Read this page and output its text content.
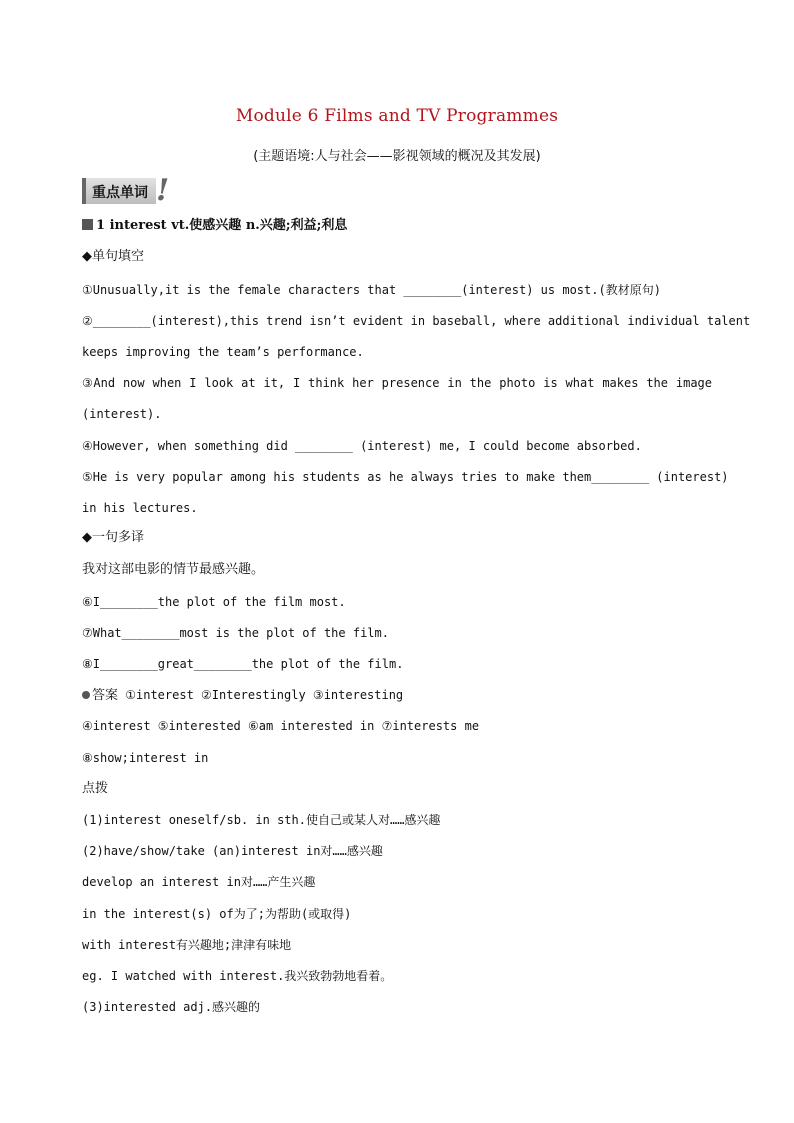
Module 6 Films and TV Programmes
(主题语境:人与社会——影视领域的概况及其发展)
重点单词 !
1 interest vt.使感兴趣 n.兴趣;利益;利息
◆单句填空
①Unusually,it is the female characters that ________(interest) us most.(教材原句)
②________(interest),this trend isn’t evident in baseball, where additional individual talent
keeps improving the team’s performance.
③And now when I look at it, I think her presence in the photo is what makes the image
(interest).
④However, when something did ________ (interest) me, I could become absorbed.
⑤He is very popular among his students as he always tries to make them________ (interest)
in his lectures.
◆一句多译
我对这部电影的情节最感兴趣。
⑥I________the plot of the film most.
⑦What________most is the plot of the film.
⑧I________great________the plot of the film.
答案 ①interest ②Interestingly ③interesting
④interest ⑤interested ⑥am interested in ⑦interests me
⑧show;interest in
点拨
(1)interest oneself/sb. in sth.使自己或某人对……感兴趣
(2)have/show/take (an)interest in对……感兴趣
develop an interest in对……产生兴趣
in the interest(s) of为了;为帮助(或取得)
with interest有兴趣地;津津有味地
eg. I watched with interest.我兴致勃勃地看着。
(3)interested adj.感兴趣的
